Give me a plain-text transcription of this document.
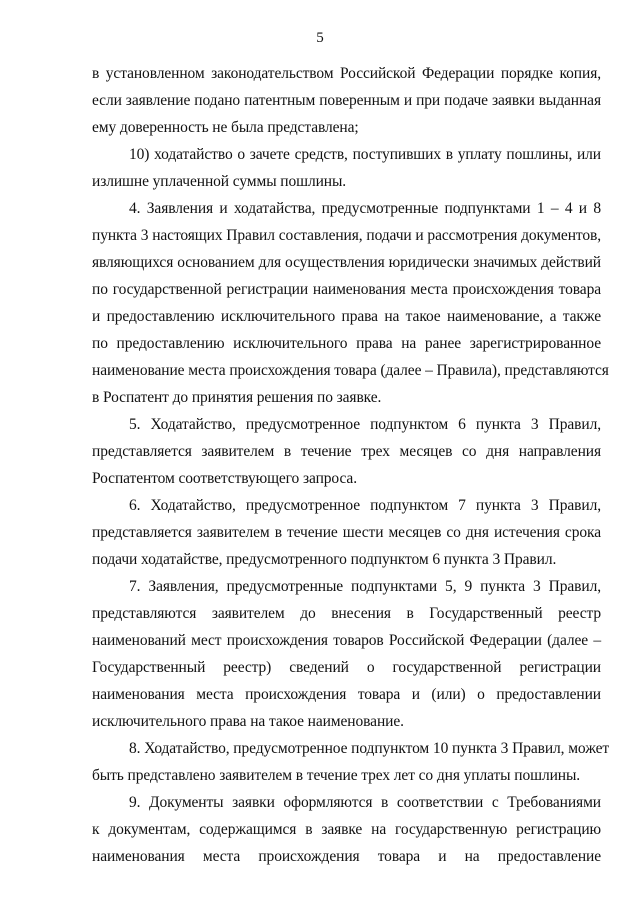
5
в установленном законодательством Российской Федерации порядке копия,
если заявление подано патентным поверенным и при подаче заявки выданная
ему доверенность не была представлена;
10) ходатайство о зачете средств, поступивших в уплату пошлины, или
излишне уплаченной суммы пошлины.
4. Заявления и ходатайства, предусмотренные подпунктами 1 – 4 и 8
пункта 3 настоящих Правил составления, подачи и рассмотрения документов,
являющихся основанием для осуществления юридически значимых действий
по государственной регистрации наименования места происхождения товара
и предоставлению исключительного права на такое наименование, а также
по предоставлению исключительного права на ранее зарегистрированное
наименование места происхождения товара (далее – Правила), представляются
в Роспатент до принятия решения по заявке.
5. Ходатайство, предусмотренное подпунктом 6 пункта 3 Правил,
представляется заявителем в течение трех месяцев со дня направления
Роспатентом соответствующего запроса.
6. Ходатайство, предусмотренное подпунктом 7 пункта 3 Правил,
представляется заявителем в течение шести месяцев со дня истечения срока
подачи ходатайстве, предусмотренного подпунктом 6 пункта 3 Правил.
7. Заявления, предусмотренные подпунктами 5, 9 пункта 3 Правил,
представляются заявителем до внесения в Государственный реестр
наименований мест происхождения товаров Российской Федерации (далее –
Государственный реестр) сведений о государственной регистрации
наименования места происхождения товара и (или) о предоставлении
исключительного права на такое наименование.
8. Ходатайство, предусмотренное подпунктом 10 пункта 3 Правил, может
быть представлено заявителем в течение трех лет со дня уплаты пошлины.
9. Документы заявки оформляются в соответствии с Требованиями
к документам, содержащимся в заявке на государственную регистрацию
наименования места происхождения товара и на предоставление
